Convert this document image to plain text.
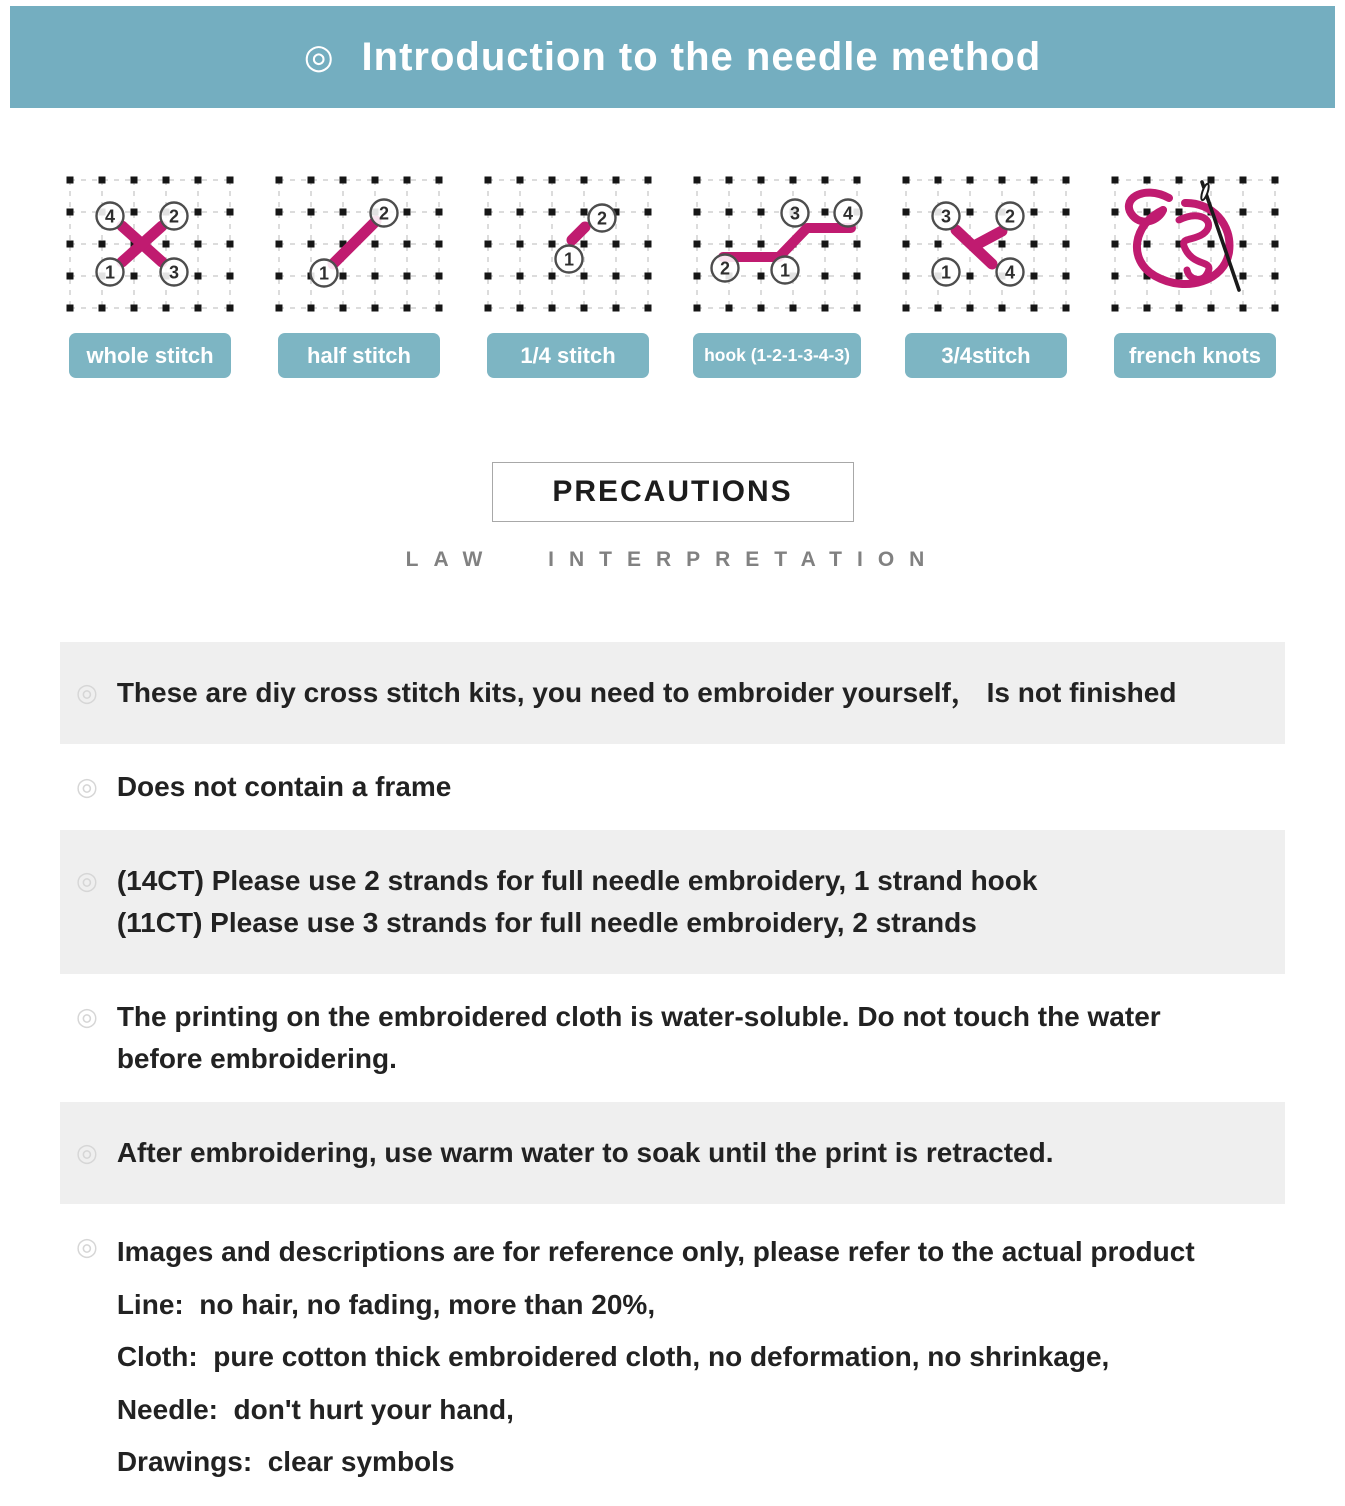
◎ Introduction to the needle method
4	2
1	3
whole stitch
1
2
half stitch
1
2
1/4 stitch
2	1
3 4
hook (1-2-1-3-4-3)
3	2
1	4
3/4stitch	french knots
PRECAUTIONS
LAW INTERPRETATION
◎ These are diy cross stitch kits, you need to embroider yourself， Is not finished
◎ Does not contain a frame
◎ (14CT) Please use 2 strands for full needle embroidery, 1 strand hook
(11CT) Please use 3 strands for full needle embroidery, 2 strands
◎ The printing on the embroidered cloth is water-soluble. Do not touch the water
before embroidering.
◎ After embroidering, use warm water to soak until the print is retracted.
◎ Images and descriptions are for reference only, please refer to the actual product
Line:  no hair, no fading, more than 20%,
Cloth:  pure cotton thick embroidered cloth, no deformation, no shrinkage,
Needle:  don't hurt your hand,
Drawings:  clear symbols
